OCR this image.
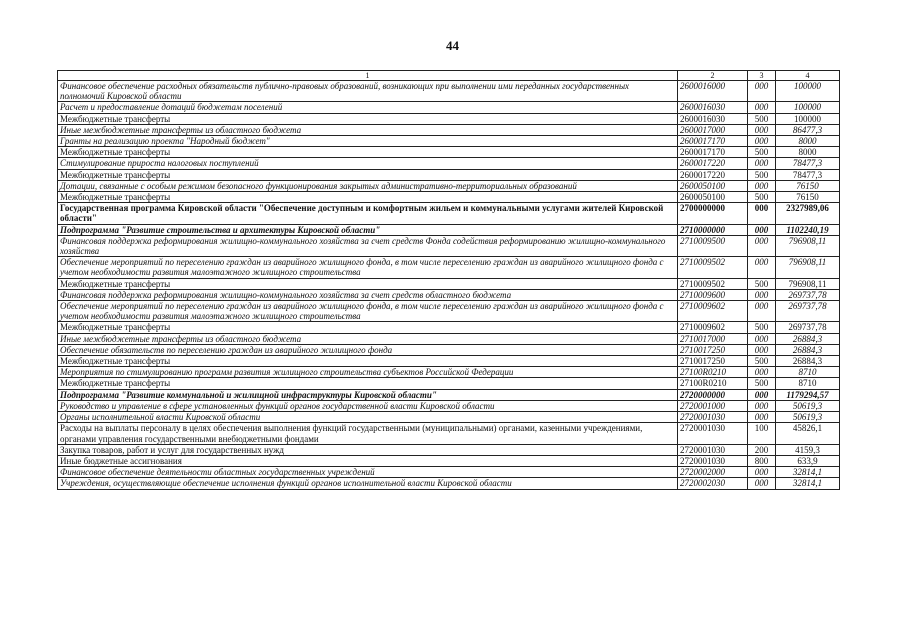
44
1	2	3	4
Финансовое обеспечение расходных обязательств публично-правовых образований, возникающих при выполнении ими переданных государственных полномочий Кировской области	2600016000	000	100000
Расчет и предоставление дотаций бюджетам поселений	2600016030	000	100000
Межбюджетные трансферты	2600016030	500	100000
Иные межбюджетные трансферты из областного бюджета	2600017000	000	86477,3
Гранты на реализацию проекта "Народный бюджет"	2600017170	000	8000
Межбюджетные трансферты	2600017170	500	8000
Стимулирование прироста налоговых поступлений	2600017220	000	78477,3
Межбюджетные трансферты	2600017220	500	78477,3
Дотации, связанные с особым режимом безопасного функционирования закрытых административно-территориальных образований	2600050100	000	76150
Межбюджетные трансферты	2600050100	500	76150
Государственная программа Кировской области "Обеспечение доступным и комфортным жильем и коммунальными услугами жителей Кировской области"	2700000000	000	2327989,06
Подпрограмма "Развитие строительства и архитектуры Кировской области"	2710000000	000	1102240,19
Финансовая поддержка реформирования жилищно-коммунального хозяйства за счет средств Фонда содействия реформированию жилищно-коммунального хозяйства	2710009500	000	796908,11
Обеспечение мероприятий по переселению граждан из аварийного жилищного фонда, в том числе переселению граждан из аварийного жилищного фонда с учетом необходимости развития малоэтажного жилищного строительства	2710009502	000	796908,11
Межбюджетные трансферты	2710009502	500	796908,11
Финансовая поддержка реформирования жилищно-коммунального хозяйства за счет средств областного бюджета	2710009600	000	269737,78
Обеспечение мероприятий по переселению граждан из аварийного жилищного фонда, в том числе переселению граждан из аварийного жилищного фонда с учетом необходимости развития малоэтажного жилищного строительства	2710009602	000	269737,78
Межбюджетные трансферты	2710009602	500	269737,78
Иные межбюджетные трансферты из областного бюджета	2710017000	000	26884,3
Обеспечение обязательств по переселению граждан из аварийного жилищного фонда	2710017250	000	26884,3
Межбюджетные трансферты	2710017250	500	26884,3
Мероприятия по стимулированию программ развития жилищного строительства субъектов Российской Федерации	27100R0210	000	8710
Межбюджетные трансферты	27100R0210	500	8710
Подпрограмма "Развитие коммунальной и жилищной инфраструктуры Кировской области"	2720000000	000	1179294,57
Руководство и управление в сфере установленных функций органов государственной власти Кировской области	2720001000	000	50619,3
Органы исполнительной власти Кировской области	2720001030	000	50619,3
Расходы на выплаты персоналу в целях обеспечения выполнения функций государственными (муниципальными) органами, казенными учреждениями, органами управления государственными внебюджетными фондами	2720001030	100	45826,1
Закупка товаров, работ и услуг для государственных нужд	2720001030	200	4159,3
Иные бюджетные ассигнования	2720001030	800	633,9
Финансовое обеспечение деятельности областных государственных учреждений	2720002000	000	32814,1
Учреждения, осуществляющие обеспечение исполнения функций органов исполнительной власти Кировской области	2720002030	000	32814,1
